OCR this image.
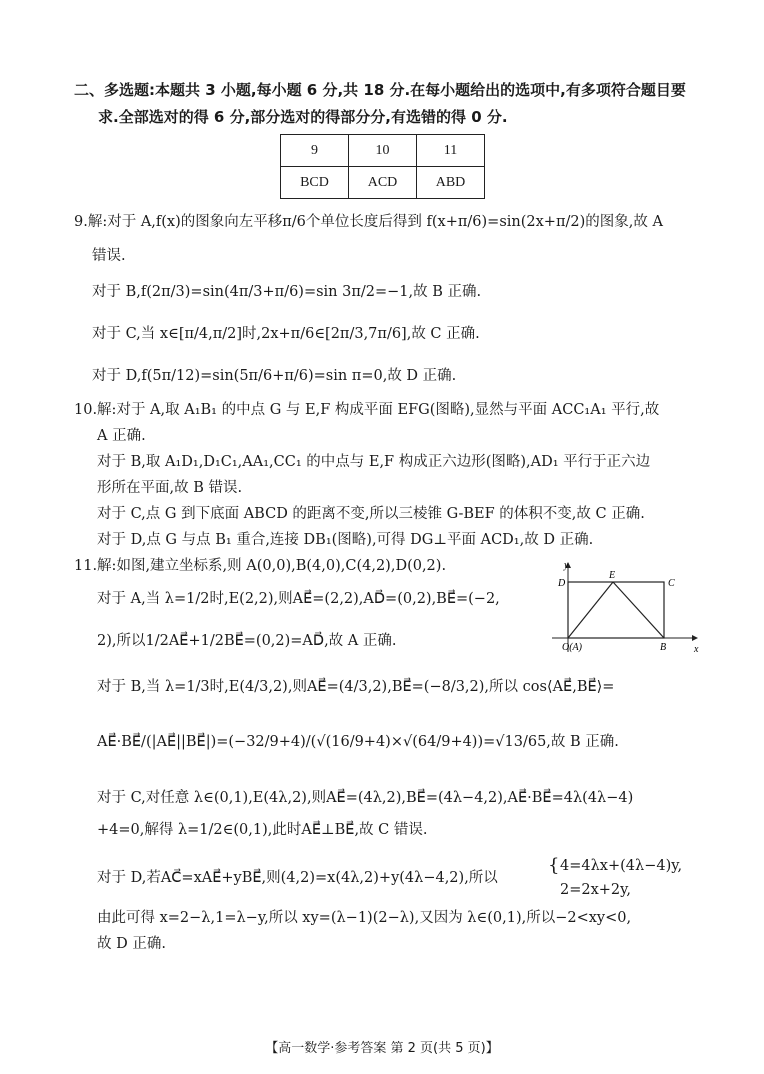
二、多选题:本题共 3 小题,每小题 6 分,共 18 分.在每小题给出的选项中,有多项符合题目要
求.全部选对的得 6 分,部分选对的得部分分,有选错的得 0 分.
9	10	11
BCD	ACD	ABD
9.解:对于 A,f(x)的图象向左平移π/6个单位长度后得到 f(x+π/6)=sin(2x+π/2)的图象,故 A
错误.
对于 B,f(2π/3)=sin(4π/3+π/6)=sin 3π/2=−1,故 B 正确.
对于 C,当 x∈[π/4,π/2]时,2x+π/6∈[2π/3,7π/6],故 C 正确.
对于 D,f(5π/12)=sin(5π/6+π/6)=sin π=0,故 D 正确.
10.解:对于 A,取 A₁B₁ 的中点 G 与 E,F 构成平面 EFG(图略),显然与平面 ACC₁A₁ 平行,故
A 正确.
对于 B,取 A₁D₁,D₁C₁,AA₁,CC₁ 的中点与 E,F 构成正六边形(图略),AD₁ 平行于正六边
形所在平面,故 B 错误.
对于 C,点 G 到下底面 ABCD 的距离不变,所以三棱锥 G-BEF 的体积不变,故 C 正确.
对于 D,点 G 与点 B₁ 重合,连接 DB₁(图略),可得 DG⊥平面 ACD₁,故 D 正确.
11.解:如图,建立坐标系,则 A(0,0),B(4,0),C(4,2),D(0,2).
对于 A,当 λ=1/2时,E(2,2),则AE⃗=(2,2),AD⃗=(0,2),BE⃗=(−2,
2),所以1/2AE⃗+1/2BE⃗=(0,2)=AD⃗,故 A 正确.
对于 B,当 λ=1/3时,E(4/3,2),则AE⃗=(4/3,2),BE⃗=(−8/3,2),所以 cos⟨AE⃗,BE⃗⟩=
AE⃗·BE⃗/(|AE⃗||BE⃗|)=(−32/9+4)/(√(16/9+4)×√(64/9+4))=√13/65,故 B 正确.
对于 C,对任意 λ∈(0,1),E(4λ,2),则AE⃗=(4λ,2),BE⃗=(4λ−4,2),AE⃗·BE⃗=4λ(4λ−4)
+4=0,解得 λ=1/2∈(0,1),此时AE⃗⊥BE⃗,故 C 错误.
对于 D,若AC⃗=xAE⃗+yBE⃗,则(4,2)=x(4λ,2)+y(4λ−4,2),所以
{ 4=4λx+(4λ−4)y,
2=2x+2y,
由此可得 x=2−λ,1=λ−y,所以 xy=(λ−1)(2−λ),又因为 λ∈(0,1),所以−2<xy<0,
故 D 正确.
y
x
D
E
C
O(A)	B
【高一数学·参考答案 第 2 页(共 5 页)】
